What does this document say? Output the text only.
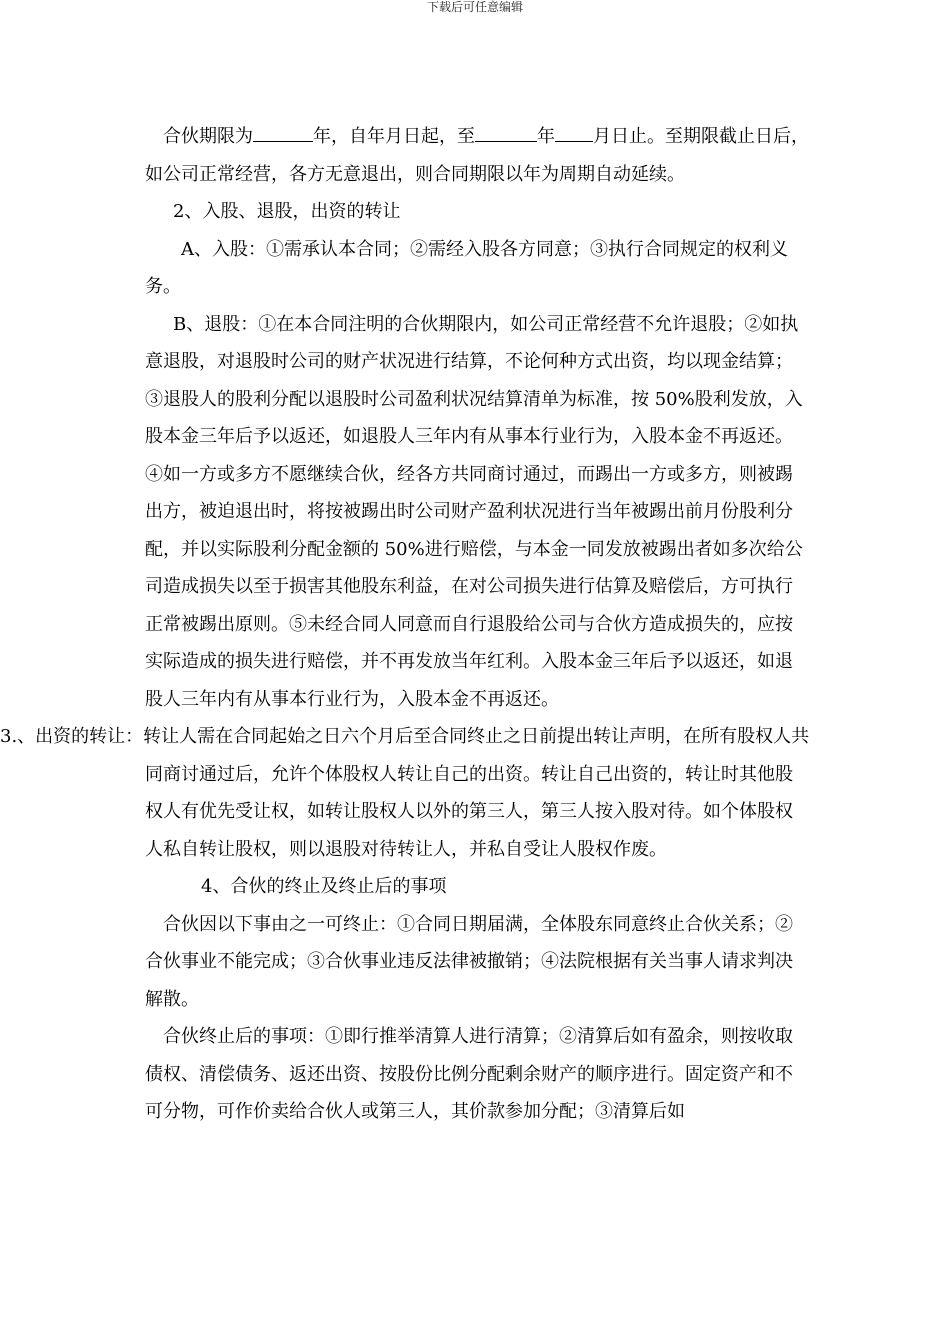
下载后可任意编辑

合伙期限为	年，自年月日起，至	年 月日止。至期限截止日后，如公司正常经营，各方无意退出，则合同期限以年为周期自动延续。

2、入股、退股，出资的转让

A、入股：①需承认本合同；②需经入股各方同意；③执行合同规定的权利义务。

B、退股：①在本合同注明的合伙期限内，如公司正常经营不允许退股；②如执意退股，对退股时公司的财产状况进行结算，不论何种方式出资，均以现金结算；③退股人的股利分配以退股时公司盈利状况结算清单为标准，按 50%股利发放，入股本金三年后予以返还，如退股人三年内有从事本行业行为，入股本金不再返还。④如一方或多方不愿继续合伙，经各方共同商讨通过，而踢出一方或多方，则被踢出方，被迫退出时，将按被踢出时公司财产盈利状况进行当年被踢出前月份股利分配，并以实际股利分配金额的 50%进行赔偿，与本金一同发放被踢出者如多次给公司造成损失以至于损害其他股东利益，在对公司损失进行估算及赔偿后，方可执行正常被踢出原则。⑤未经合同人同意而自行退股给公司与合伙方造成损失的，应按实际造成的损失进行赔偿，并不再发放当年红利。入股本金三年后予以返还，如退股人三年内有从事本行业行为，入股本金不再返还。

3.、出资的转让：转让人需在合同起始之日六个月后至合同终止之日前提出转让声明，在所有股权人共同商讨通过后，允许个体股权人转让自己的出资。转让自己出资的，转让时其他股权人有优先受让权，如转让股权人以外的第三人，第三人按入股对待。如个体股权人私自转让股权，则以退股对待转让人，并私自受让人股权作废。

4、合伙的终止及终止后的事项

合伙因以下事由之一可终止：①合同日期届满，全体股东同意终止合伙关系；②合伙事业不能完成；③合伙事业违反法律被撤销；④法院根据有关当事人请求判决解散。

合伙终止后的事项：①即行推举清算人进行清算；②清算后如有盈余，则按收取债权、清偿债务、返还出资、按股份比例分配剩余财产的顺序进行。固定资产和不可分物，可作价卖给合伙人或第三人，其价款参加分配；③清算后如
